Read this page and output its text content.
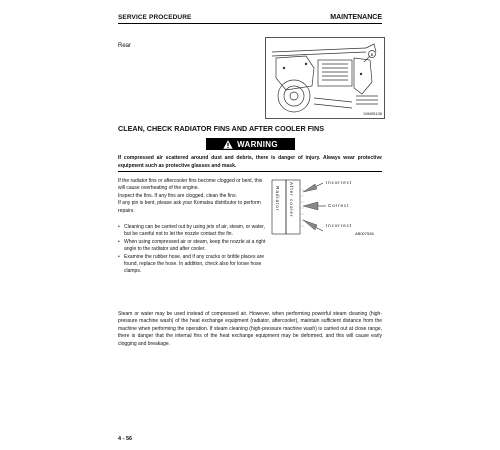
SERVICE PROCEDURE	MAINTENANCE
Rear
B
9JM05136
CLEAN, CHECK RADIATOR FINS AND AFTER COOLER FINS
WARNING
If compressed air scattered around dust and debris, there is danger of injury. Always wear protective equipment such as protective glasses and mask.

If the radiator fins or aftercooler fins become clogged or bent, this

will cause overheating of the engine.

Inspect the fins. If any fins are clogged, clean the fins.

If any pin is bent, please ask your Komatsu distributor to perform

repairs.

• Cleaning can be carried out by using jets of air, steam, or water, but be careful not to let the nozzle contact the fin.
• When using compressed air or steam, keep the nozzle at a right angle to the radiator and after cooler.
• Examine the rubber hose, and if any cracks or brittle places are found, replace the hose. In addition, check also for loose hose clamps.
Radiator After cooler	Incorrect
Correct
Incorrect
AB007536
Steam or water may be used instead of compressed air. However, when performing powerful steam cleaning (high-pressure machine wash) of the heat exchange equipment (radiator, aftercooler), maintain sufficient distance from the machine when performing the operation. If steam cleaning (high-pressure machine wash) is carried out at close range, there is danger that the internal fins of the heat exchange equipment may be deformed, and this will cause early clogging and breakage.
4 - 56
